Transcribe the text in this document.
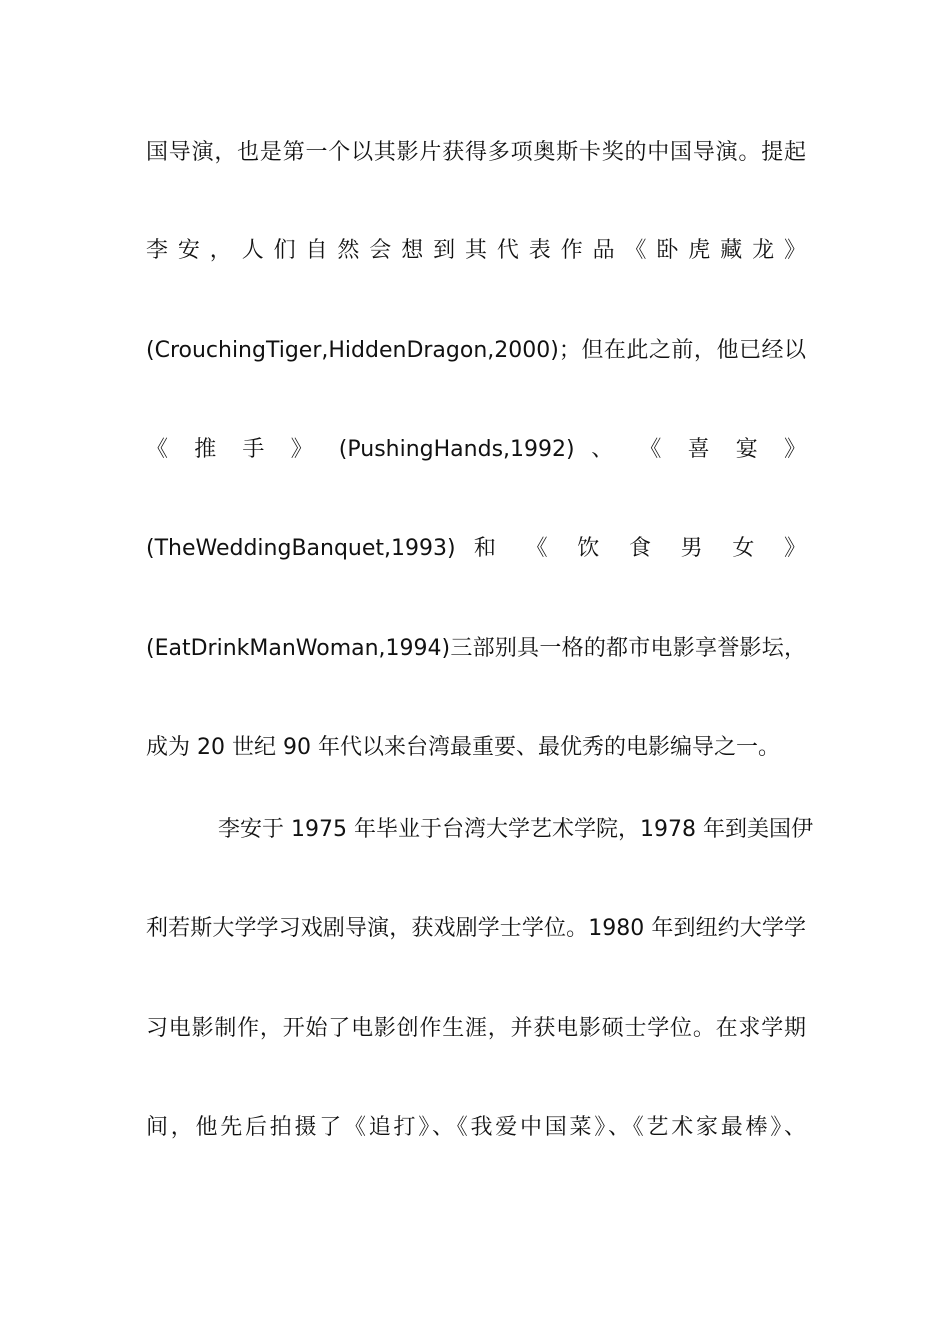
国导演，也是第一个以其影片获得多项奥斯卡奖的中国导演。提起
李 安 ， 人 们 自 然 会 想 到 其 代 表 作 品 《 卧 虎 藏 龙 》
(CrouchingTiger,HiddenDragon,2000)；但在此之前，他已经以
《 推 手 》 (PushingHands,1992) 、 《 喜 宴 》
(TheWeddingBanquet,1993) 和 《 饮 食 男 女 》
(EatDrinkManWoman,1994)三部别具一格的都市电影享誉影坛，
成为 20 世纪 90 年代以来台湾最重要、最优秀的电影编导之一。
李安于 1975 年毕业于台湾大学艺术学院，1978 年到美国伊
利若斯大学学习戏剧导演，获戏剧学士学位。1980 年到纽约大学学
习电影制作，开始了电影创作生涯，并获电影硕士学位。在求学期
间，他先后拍摄了《追打》、《我爱中国菜》、《艺术家最棒》、
